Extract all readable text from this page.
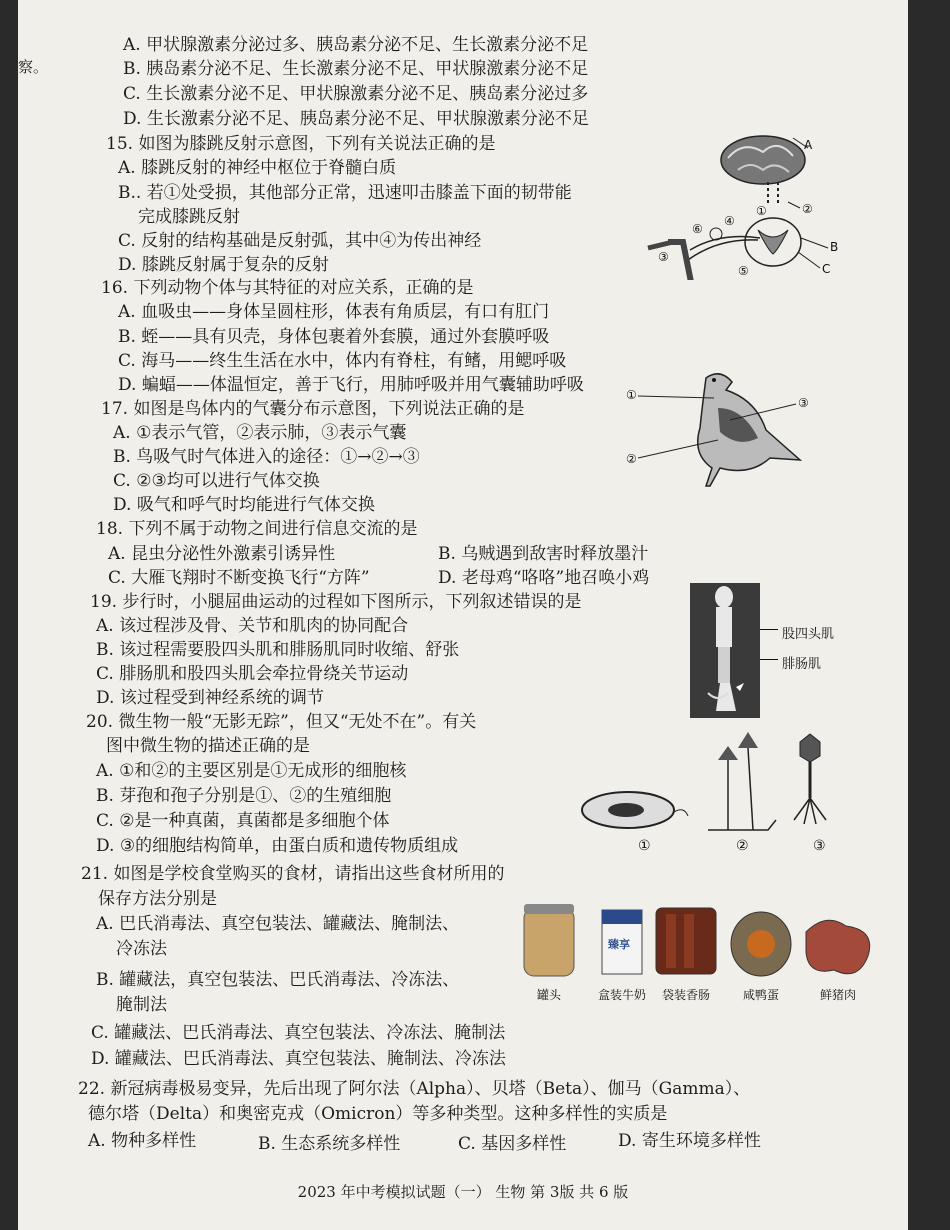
察。
A. 甲状腺激素分泌过多、胰岛素分泌不足、生长激素分泌不足
B. 胰岛素分泌不足、生长激素分泌不足、甲状腺激素分泌不足
C. 生长激素分泌不足、甲状腺激素分泌不足、胰岛素分泌过多
D. 生长激素分泌不足、胰岛素分泌不足、甲状腺激素分泌不足
15. 如图为膝跳反射示意图，下列有关说法正确的是
A. 膝跳反射的神经中枢位于脊髓白质
B.. 若①处受损，其他部分正常，迅速叩击膝盖下面的韧带能
完成膝跳反射
C. 反射的结构基础是反射弧，其中④为传出神经
D. 膝跳反射属于复杂的反射
A
B
C
①	②
③
④
⑤
⑥
16. 下列动物个体与其特征的对应关系，正确的是
A. 血吸虫——身体呈圆柱形，体表有角质层，有口有肛门
B. 蛭——具有贝壳，身体包裹着外套膜，通过外套膜呼吸
C. 海马——终生生活在水中，体内有脊柱，有鳍，用鳃呼吸
D. 蝙蝠——体温恒定，善于飞行，用肺呼吸并用气囊辅助呼吸
17. 如图是鸟体内的气囊分布示意图，下列说法正确的是
A. ①表示气管，②表示肺，③表示气囊
B. 鸟吸气时气体进入的途径：①→②→③
C. ②③均可以进行气体交换
D. 吸气和呼气时均能进行气体交换
①
②
③
18. 下列不属于动物之间进行信息交流的是
A. 昆虫分泌性外激素引诱异性	B. 乌贼遇到敌害时释放墨汁
C. 大雁飞翔时不断变换飞行“方阵”	D. 老母鸡“咯咯”地召唤小鸡
19. 步行时，小腿屈曲运动的过程如下图所示，下列叙述错误的是
A. 该过程涉及骨、关节和肌肉的协同配合
B. 该过程需要股四头肌和腓肠肌同时收缩、舒张
C. 腓肠肌和股四头肌会牵拉骨绕关节运动
D. 该过程受到神经系统的调节
股四头肌
腓肠肌
20. 微生物一般“无影无踪”，但又“无处不在”。有关
图中微生物的描述正确的是
A. ①和②的主要区别是①无成形的细胞核
B. 芽孢和孢子分别是①、②的生殖细胞
C. ②是一种真菌，真菌都是多细胞个体
D. ③的细胞结构简单，由蛋白质和遗传物质组成	①	②	③
21. 如图是学校食堂购买的食材，请指出这些食材所用的
保存方法分别是
A. 巴氏消毒法、真空包装法、罐藏法、腌制法、
冷冻法
B. 罐藏法，真空包装法、巴氏消毒法、冷冻法、
腌制法
C. 罐藏法、巴氏消毒法、真空包装法、冷冻法、腌制法
D. 罐藏法、巴氏消毒法、真空包装法、腌制法、冷冻法
臻享
罐头	盒装牛奶	袋装香肠	咸鸭蛋	鲜猪肉
22. 新冠病毒极易变异，先后出现了阿尔法（Alpha）、贝塔（Beta）、伽马（Gamma）、
德尔塔（Delta）和奥密克戎（Omicron）等多种类型。这种多样性的实质是
A. 物种多样性	B. 生态系统多样性	C. 基因多样性	D. 寄生环境多样性
2023 年中考模拟试题（一） 生物 第 3版 共 6 版
